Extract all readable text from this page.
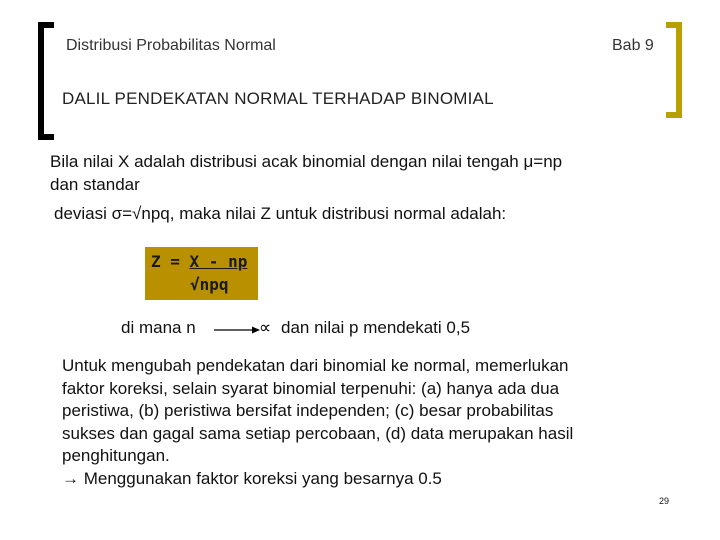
Distribusi Probabilitas Normal	Bab 9
DALIL PENDEKATAN NORMAL TERHADAP BINOMIAL
Bila nilai X adalah distribusi acak binomial dengan nilai tengah μ=np
dan standar
deviasi σ=√npq, maka nilai Z untuk distribusi normal adalah:
Z = X - np
√npq
di mana n	∝ dan nilai p mendekati 0,5
Untuk mengubah pendekatan dari binomial ke normal, memerlukan
faktor koreksi, selain syarat binomial terpenuhi: (a) hanya ada dua
peristiwa, (b) peristiwa bersifat independen; (c) besar probabilitas
sukses dan gagal sama setiap percobaan, (d) data merupakan hasil
penghitungan.
→ Menggunakan faktor koreksi yang besarnya 0.5
29
